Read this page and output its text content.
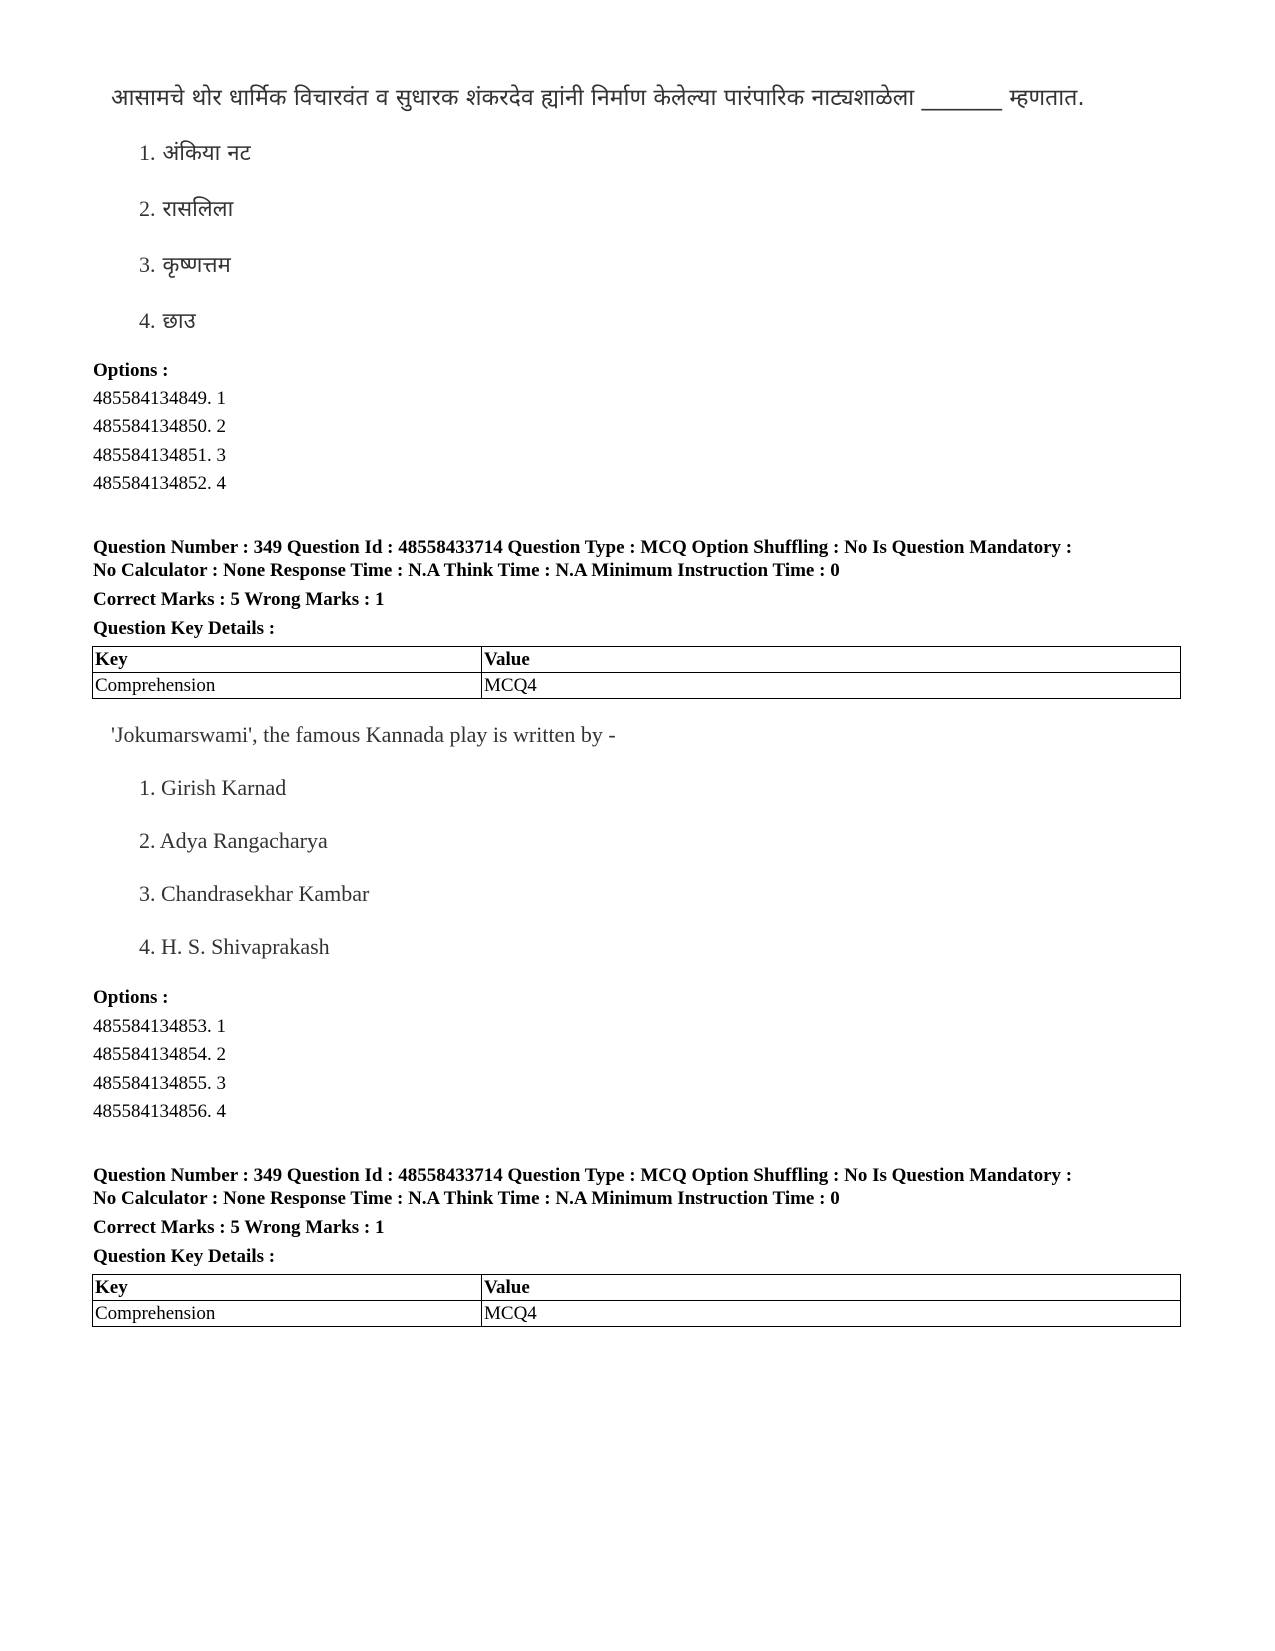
आसामचे थोर धार्मिक विचारवंत व सुधारक शंकरदेव ह्यांनी निर्माण केलेल्या पारंपारिक नाट्यशाळेला _______ म्हणतात.
1. अंकिया नट
2. रासलिला
3. कृष्णत्तम
4. छाउ
Options :
485584134849. 1
485584134850. 2
485584134851. 3
485584134852. 4
Question Number : 349 Question Id : 48558433714 Question Type : MCQ Option Shuffling : No Is Question Mandatory :
No Calculator : None Response Time : N.A Think Time : N.A Minimum Instruction Time : 0
Correct Marks : 5 Wrong Marks : 1
Question Key Details :
Key	Value
Comprehension	MCQ4
'Jokumarswami', the famous Kannada play is written by -
1. Girish Karnad
2. Adya Rangacharya
3. Chandrasekhar Kambar
4. H. S. Shivaprakash
Options :
485584134853. 1
485584134854. 2
485584134855. 3
485584134856. 4
Question Number : 349 Question Id : 48558433714 Question Type : MCQ Option Shuffling : No Is Question Mandatory :
No Calculator : None Response Time : N.A Think Time : N.A Minimum Instruction Time : 0
Correct Marks : 5 Wrong Marks : 1
Question Key Details :
Key	Value
Comprehension	MCQ4
